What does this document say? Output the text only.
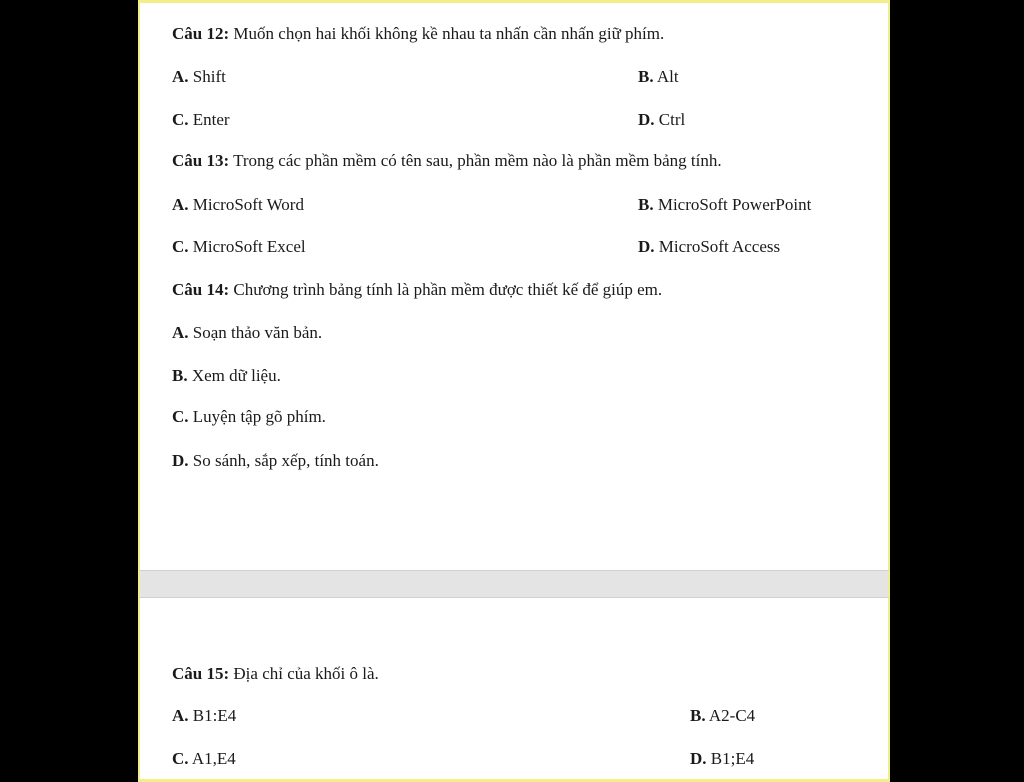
Câu 12: Muốn chọn hai khối không kề nhau ta nhấn cần nhấn giữ phím.
A. Shift	B. Alt
C. Enter	D. Ctrl
Câu 13: Trong các phần mềm có tên sau, phần mềm nào là phần mềm bảng tính.
A. MicroSoft Word	B. MicroSoft PowerPoint
C. MicroSoft Excel	D. MicroSoft Access
Câu 14: Chương trình bảng tính là phần mềm được thiết kế để giúp em.
A. Soạn thảo văn bản.
B. Xem dữ liệu.
C. Luyện tập gõ phím.
D. So sánh, sắp xếp, tính toán.
Câu 15: Địa chỉ của khối ô là.
A. B1:E4	B. A2-C4
C. A1,E4	D. B1;E4
